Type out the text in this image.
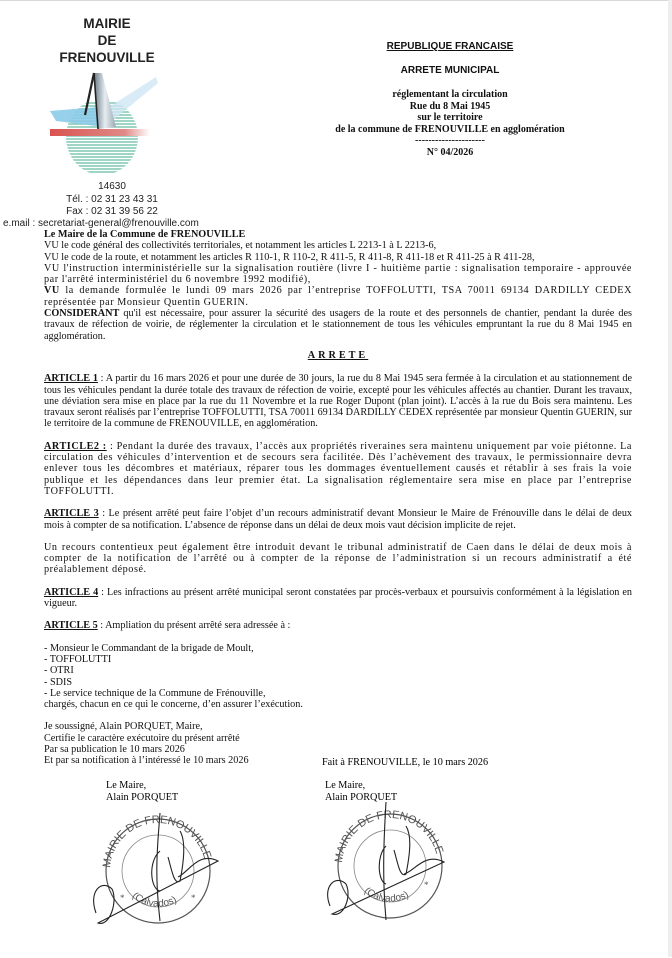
MAIRIE
DE
FRENOUVILLE
14630
Tél. : 02 31 23 43 31
Fax : 02 31 39 56 22
e.mail : secretariat-general@frenouville.com
REPUBLIQUE FRANCAISE
ARRETE MUNICIPAL
réglementant la circulation
Rue du 8 Mai 1945
sur le territoire
de la commune de FRENOUVILLE en agglomération
---------------------
N° 04/2026

Le Maire de la Commune de FRENOUVILLE

VU le code général des collectivités territoriales, et notamment les articles L 2213-1 à L 2213-6,

VU le code de la route, et notamment les articles R 110-1, R 110-2, R 411-5, R 411-8, R 411-18 et R 411-25 à R 411-28,

VU l'instruction interministérielle sur la signalisation routière (livre I - huitième partie : signalisation temporaire - approuvée par l'arrêté interministériel du 6 novembre 1992 modifié),

VU la demande formulée le lundi 09 mars 2026 par l’entreprise TOFFOLUTTI, TSA 70011 69134 DARDILLY CEDEX représentée par Monsieur Quentin GUERIN.

CONSIDERANT qu'il est nécessaire, pour assurer la sécurité des usagers de la route et des personnels de chantier, pendant la durée des travaux de réfection de voirie, de réglementer la circulation et le stationnement de tous les véhicules empruntant la rue du 8 Mai 1945 en agglomération.

ARRETE

ARTICLE 1 : A partir du 16 mars 2026 et pour une durée de 30 jours, la rue du 8 Mai 1945 sera fermée à la circulation et au stationnement de tous les véhicules pendant la durée totale des travaux de réfection de voirie, excepté pour les véhicules affectés au chantier. Durant les travaux, une déviation sera mise en place par la rue du 11 Novembre et la rue Roger Dupont (plan joint). L’accès à la rue du Bois sera maintenu. Les travaux seront réalisés par l’entreprise TOFFOLUTTI, TSA 70011 69134 DARDILLY CEDEX représentée par monsieur Quentin GUERIN, sur le territoire de la commune de FRENOUVILLE, en agglomération.

ARTICLE2 : : Pendant la durée des travaux, l’accès aux propriétés riveraines sera maintenu uniquement par voie piétonne. La circulation des véhicules d’intervention et de secours sera facilitée. Dès l’achèvement des travaux, le permissionnaire devra enlever tous les décombres et matériaux, réparer tous les dommages éventuellement causés et rétablir à ses frais la voie publique et les dépendances dans leur premier état. La signalisation réglementaire sera mise en place par l’entreprise TOFFOLUTTI.

ARTICLE 3 : Le présent arrêté peut faire l’objet d’un recours administratif devant Monsieur le Maire de Frénouville dans le délai de deux mois à compter de sa notification. L’absence de réponse dans un délai de deux mois vaut décision implicite de rejet.

Un recours contentieux peut également être introduit devant le tribunal administratif de Caen dans le délai de deux mois à compter de la notification de l’arrêté ou à compter de la réponse de l’administration si un recours administratif a été préalablement déposé.

ARTICLE 4 : Les infractions au présent arrêté municipal seront constatées par procès-verbaux et poursuivis conformément à la législation en vigueur.

ARTICLE 5 : Ampliation du présent arrêté sera adressée à :

- Monsieur le Commandant de la brigade de Moult,

- TOFFOLUTTI

- OTRI

- SDIS

- Le service technique de la Commune de Frénouville,

chargés, chacun en ce qui le concerne, d’en assurer l’exécution.

Je soussigné, Alain PORQUET, Maire,

Certifie le caractère exécutoire du présent arrêté

Par sa publication le 10 mars 2026

Et par sa notification à l’intéressé le 10 mars 2026	Fait à FRENOUVILLE, le 10 mars 2026
Le Maire,
Alain PORQUET
Le Maire,
Alain PORQUET
MAIRIE DE FRENOUVILLE
(Calvados)
*	*
MAIRIE DE FRENOUVILLE
(Calvados)
*
